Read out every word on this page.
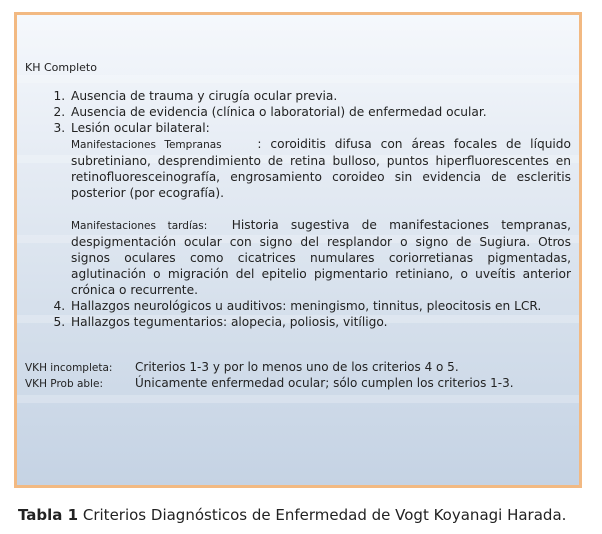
KH Completo
1. Ausencia de trauma y cirugía ocular previa.
2. Ausencia de evidencia (clínica o laboratorial) de enfermedad ocular.
3. Lesión ocular bilateral:
Manifestaciones Tempranas	: coroiditis difusa con áreas focales de líquido subretiniano, desprendimiento de retina bulloso, puntos hiperfluorescentes en retinofluoresceinografía, engrosamiento coroideo sin evidencia de escleritis posterior (por ecografía).
Manifestaciones tardías: Historia sugestiva de manifestaciones tempranas, despigmentación ocular con signo del resplandor o signo de Sugiura. Otros signos oculares como cicatrices numulares coriorretianas pigmentadas, aglutinación o migración del epitelio pigmentario retiniano, o uveítis anterior crónica o recurrente.
4. Hallazgos neurológicos u auditivos: meningismo, tinnitus, pleocitosis en LCR.
5. Hallazgos tegumentarios: alopecia, poliosis, vitíligo.
VKH incompleta: Criterios 1-3 y por lo menos uno de los criterios 4 o 5.
VKH Prob able:	Únicamente enfermedad ocular; sólo cumplen los criterios 1-3.
Tabla 1 Criterios Diagnósticos de Enfermedad de Vogt Koyanagi Harada.
